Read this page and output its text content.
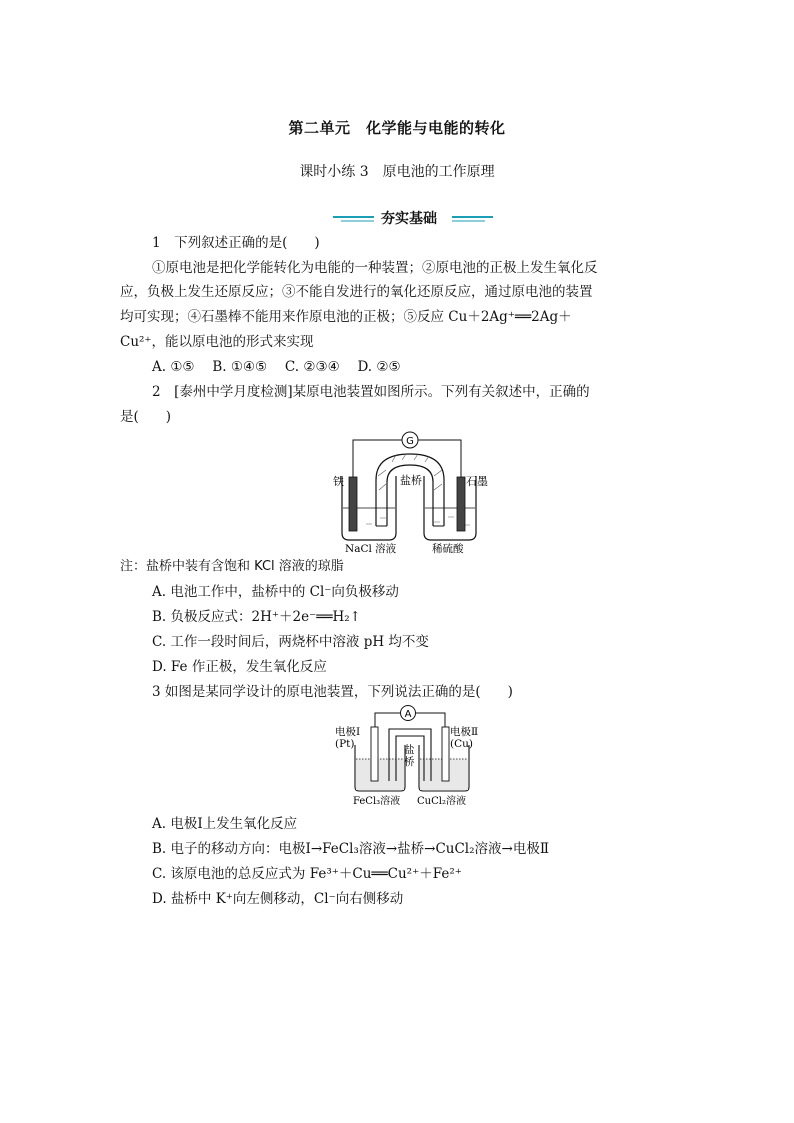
第二单元　化学能与电能的转化
课时小练 3　原电池的工作原理
夯实基础
1　下列叙述正确的是(　　)
①原电池是把化学能转化为电能的一种装置；②原电池的正极上发生氧化反
应，负极上发生还原反应；③不能自发进行的氧化还原反应，通过原电池的装置
均可实现；④石墨棒不能用来作原电池的正极；⑤反应 Cu＋2Ag⁺══2Ag＋
Cu²⁺，能以原电池的形式来实现
A. ①⑤　 B. ①④⑤　 C. ②③④　 D. ②⑤
2　[泰州中学月度检测]某原电池装置如图所示。下列有关叙述中，正确的
是(　　)
铁	盐桥	石墨
NaCl 溶液	稀硫酸
G
注：盐桥中装有含饱和 KCl 溶液的琼脂
A. 电池工作中，盐桥中的 Cl⁻向负极移动
B. 负极反应式：2H⁺＋2e⁻══H₂↑
C. 工作一段时间后，两烧杯中溶液 pH 均不变
D. Fe 作正极，发生氧化反应
3 如图是某同学设计的原电池装置，下列说法正确的是(　　)
电极Ⅰ
(Pt)	盐
桥
电极Ⅱ
(Cu)
FeCl₃溶液 CuCl₂溶液
A
A. 电极Ⅰ上发生氧化反应
B. 电子的移动方向：电极Ⅰ→FeCl₃溶液→盐桥→CuCl₂溶液→电极Ⅱ
C. 该原电池的总反应式为 Fe³⁺＋Cu══Cu²⁺＋Fe²⁺
D. 盐桥中 K⁺向左侧移动，Cl⁻向右侧移动
